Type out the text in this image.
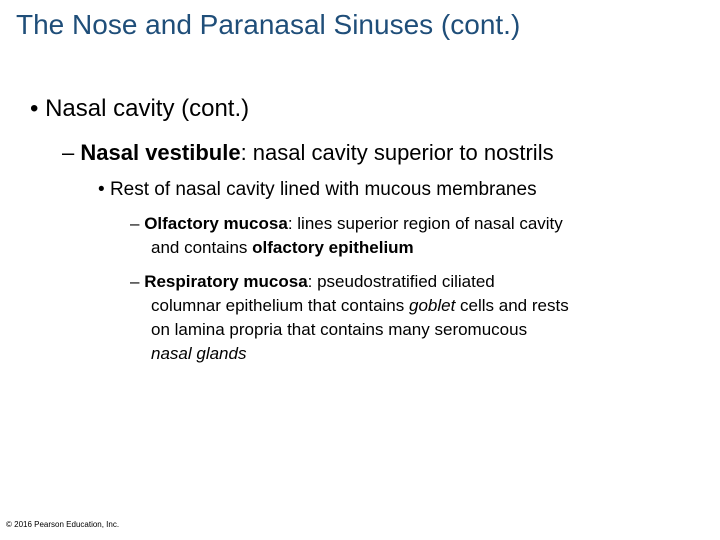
The Nose and Paranasal Sinuses (cont.)
• Nasal cavity (cont.)
– Nasal vestibule: nasal cavity superior to nostrils
• Rest of nasal cavity lined with mucous membranes
– Olfactory mucosa: lines superior region of nasal cavity
and contains olfactory epithelium
– Respiratory mucosa: pseudostratified ciliated
columnar epithelium that contains goblet cells and rests
on lamina propria that contains many seromucous
nasal glands
© 2016 Pearson Education, Inc.
